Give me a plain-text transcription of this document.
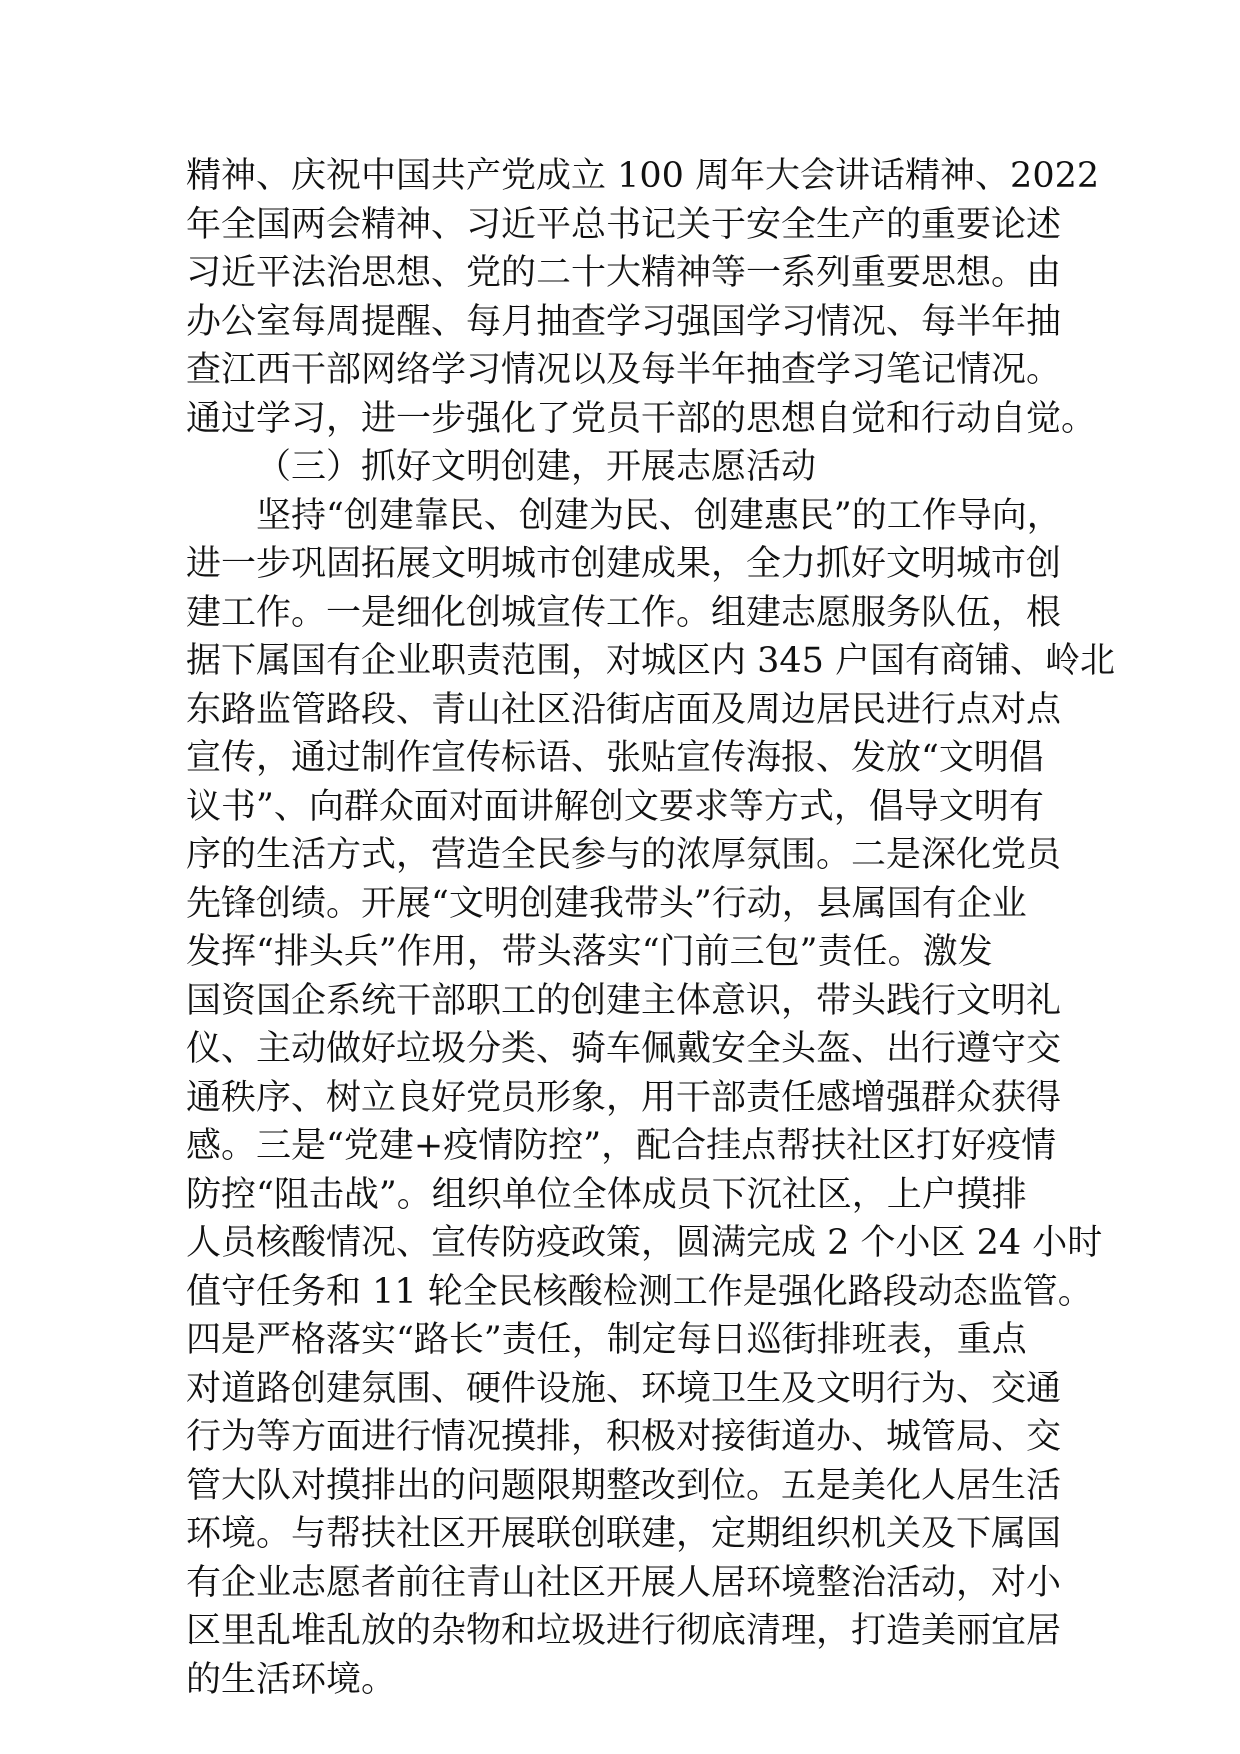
精神、庆祝中国共产党成立 100 周年大会讲话精神、2022
年全国两会精神、习近平总书记关于安全生产的重要论述
习近平法治思想、党的二十大精神等一系列重要思想。由
办公室每周提醒、每月抽查学习强国学习情况、每半年抽
查江西干部网络学习情况以及每半年抽查学习笔记情况。
通过学习，进一步强化了党员干部的思想自觉和行动自觉。
（三）抓好文明创建，开展志愿活动
坚持“创建靠民、创建为民、创建惠民”的工作导向，
进一步巩固拓展文明城市创建成果，全力抓好文明城市创
建工作。一是细化创城宣传工作。组建志愿服务队伍，根
据下属国有企业职责范围，对城区内 345 户国有商铺、岭北
东路监管路段、青山社区沿街店面及周边居民进行点对点
宣传，通过制作宣传标语、张贴宣传海报、发放“文明倡
议书”、向群众面对面讲解创文要求等方式，倡导文明有
序的生活方式，营造全民参与的浓厚氛围。二是深化党员
先锋创绩。开展“文明创建我带头”行动，县属国有企业
发挥“排头兵”作用，带头落实“门前三包”责任。激发
国资国企系统干部职工的创建主体意识，带头践行文明礼
仪、主动做好垃圾分类、骑车佩戴安全头盔、出行遵守交
通秩序、树立良好党员形象，用干部责任感增强群众获得
感。三是“党建+疫情防控”，配合挂点帮扶社区打好疫情
防控“阻击战”。组织单位全体成员下沉社区，上户摸排
人员核酸情况、宣传防疫政策，圆满完成 2 个小区 24 小时
值守任务和 11 轮全民核酸检测工作是强化路段动态监管。
四是严格落实“路长”责任，制定每日巡街排班表，重点
对道路创建氛围、硬件设施、环境卫生及文明行为、交通
行为等方面进行情况摸排，积极对接街道办、城管局、交
管大队对摸排出的问题限期整改到位。五是美化人居生活
环境。与帮扶社区开展联创联建，定期组织机关及下属国
有企业志愿者前往青山社区开展人居环境整治活动，对小
区里乱堆乱放的杂物和垃圾进行彻底清理，打造美丽宜居
的生活环境。
